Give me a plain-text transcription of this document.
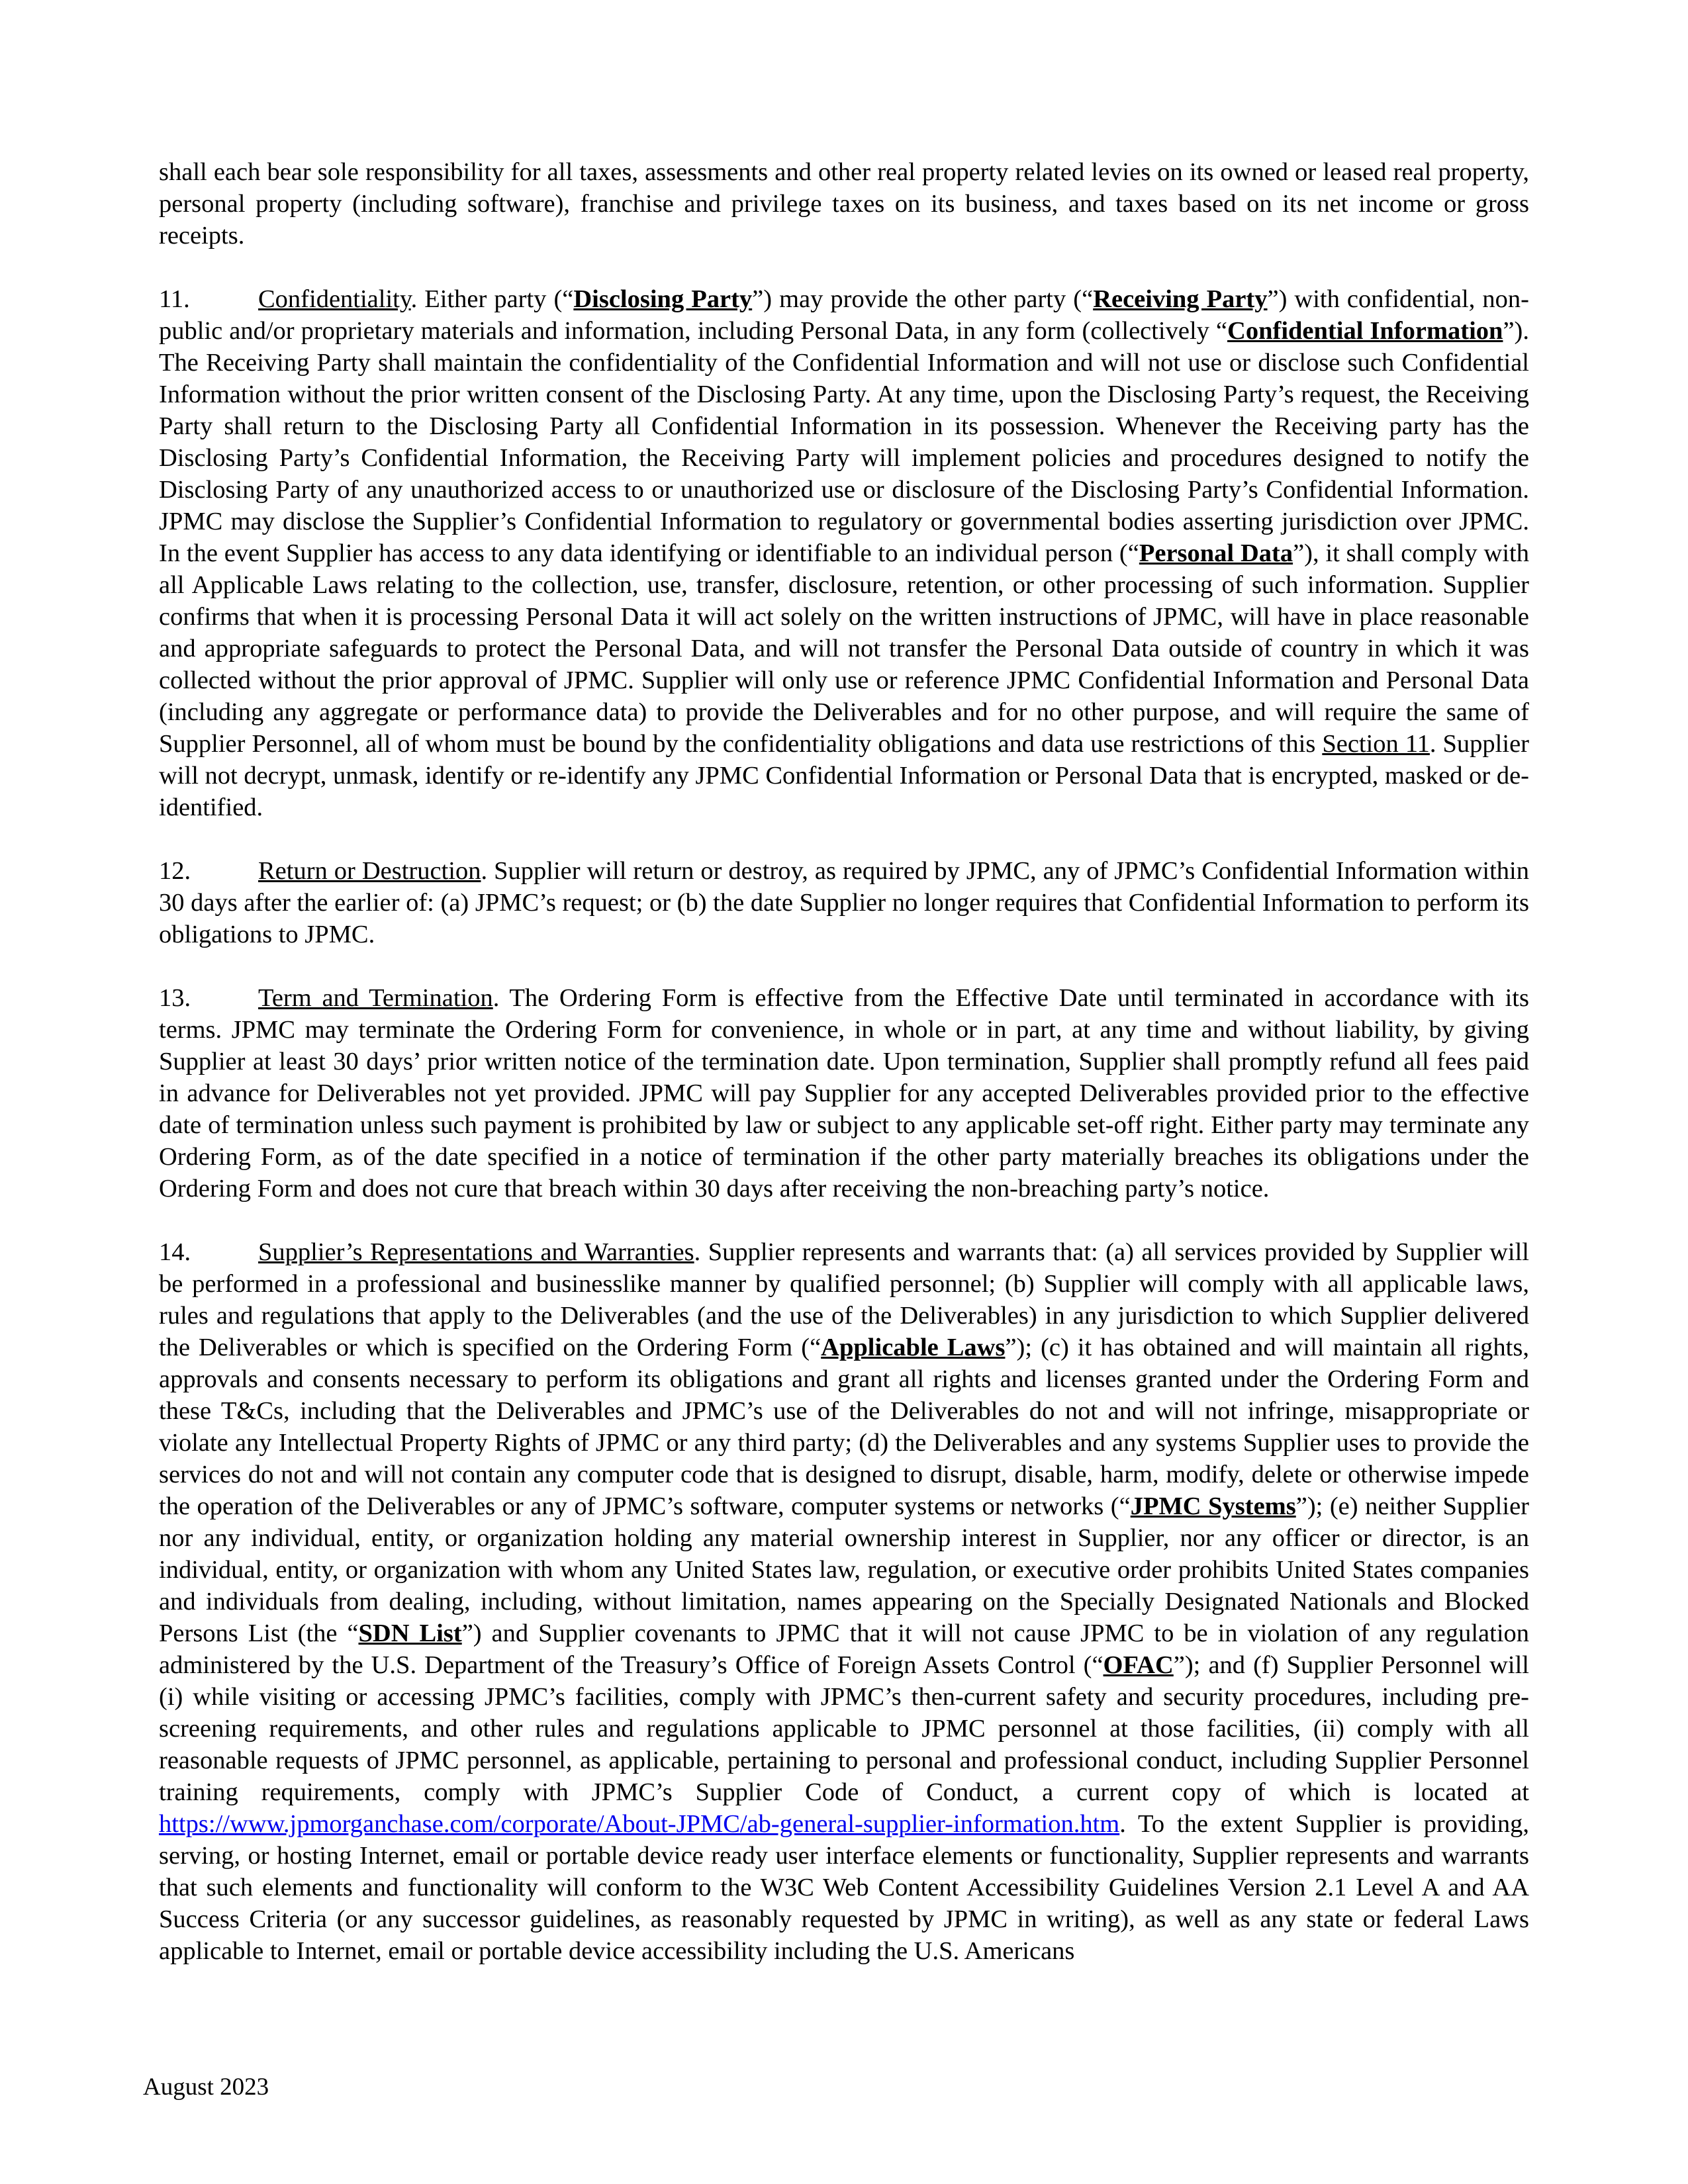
shall each bear sole responsibility for all taxes, assessments and other real property related levies on its owned or leased real property, personal property (including software), franchise and privilege taxes on its business, and taxes based on its net income or gross receipts.

11.	Confidentiality. Either party (“Disclosing Party”) may provide the other party (“Receiving Party”) with confidential, non-public and/or proprietary materials and information, including Personal Data, in any form (collectively “Confidential Information”). The Receiving Party shall maintain the confidentiality of the Confidential Information and will not use or disclose such Confidential Information without the prior written consent of the Disclosing Party. At any time, upon the Disclosing Party’s request, the Receiving Party shall return to the Disclosing Party all Confidential Information in its possession. Whenever the Receiving party has the Disclosing Party’s Confidential Information, the Receiving Party will implement policies and procedures designed to notify the Disclosing Party of any unauthorized access to or unauthorized use or disclosure of the Disclosing Party’s Confidential Information. JPMC may disclose the Supplier’s Confidential Information to regulatory or governmental bodies asserting jurisdiction over JPMC. In the event Supplier has access to any data identifying or identifiable to an individual person (“Personal Data”), it shall comply with all Applicable Laws relating to the collection, use, transfer, disclosure, retention, or other processing of such information. Supplier confirms that when it is processing Personal Data it will act solely on the written instructions of JPMC, will have in place reasonable and appropriate safeguards to protect the Personal Data, and will not transfer the Personal Data outside of country in which it was collected without the prior approval of JPMC. Supplier will only use or reference JPMC Confidential Information and Personal Data (including any aggregate or performance data) to provide the Deliverables and for no other purpose, and will require the same of Supplier Personnel, all of whom must be bound by the confidentiality obligations and data use restrictions of this Section 11. Supplier will not decrypt, unmask, identify or re-identify any JPMC Confidential Information or Personal Data that is encrypted, masked or de-identified.

12.	Return or Destruction. Supplier will return or destroy, as required by JPMC, any of JPMC’s Confidential Information within 30 days after the earlier of: (a) JPMC’s request; or (b) the date Supplier no longer requires that Confidential Information to perform its obligations to JPMC.

13.	Term and Termination. The Ordering Form is effective from the Effective Date until terminated in accordance with its terms. JPMC may terminate the Ordering Form for convenience, in whole or in part, at any time and without liability, by giving Supplier at least 30 days’ prior written notice of the termination date. Upon termination, Supplier shall promptly refund all fees paid in advance for Deliverables not yet provided. JPMC will pay Supplier for any accepted Deliverables provided prior to the effective date of termination unless such payment is prohibited by law or subject to any applicable set-off right. Either party may terminate any Ordering Form, as of the date specified in a notice of termination if the other party materially breaches its obligations under the Ordering Form and does not cure that breach within 30 days after receiving the non-breaching party’s notice.

14.	Supplier’s Representations and Warranties. Supplier represents and warrants that: (a) all services provided by Supplier will be performed in a professional and businesslike manner by qualified personnel; (b) Supplier will comply with all applicable laws, rules and regulations that apply to the Deliverables (and the use of the Deliverables) in any jurisdiction to which Supplier delivered the Deliverables or which is specified on the Ordering Form (“Applicable Laws”); (c) it has obtained and will maintain all rights, approvals and consents necessary to perform its obligations and grant all rights and licenses granted under the Ordering Form and these T&Cs, including that the Deliverables and JPMC’s use of the Deliverables do not and will not infringe, misappropriate or violate any Intellectual Property Rights of JPMC or any third party; (d) the Deliverables and any systems Supplier uses to provide the services do not and will not contain any computer code that is designed to disrupt, disable, harm, modify, delete or otherwise impede the operation of the Deliverables or any of JPMC’s software, computer systems or networks (“JPMC Systems”); (e) neither Supplier nor any individual, entity, or organization holding any material ownership interest in Supplier, nor any officer or director, is an individual, entity, or organization with whom any United States law, regulation, or executive order prohibits United States companies and individuals from dealing, including, without limitation, names appearing on the Specially Designated Nationals and Blocked Persons List (the “SDN List”) and Supplier covenants to JPMC that it will not cause JPMC to be in violation of any regulation administered by the U.S. Department of the Treasury’s Office of Foreign Assets Control (“OFAC”); and (f) Supplier Personnel will (i) while visiting or accessing JPMC’s facilities, comply with JPMC’s then-current safety and security procedures, including pre-screening requirements, and other rules and regulations applicable to JPMC personnel at those facilities, (ii) comply with all reasonable requests of JPMC personnel, as applicable, pertaining to personal and professional conduct, including Supplier Personnel training requirements, comply with JPMC’s Supplier Code of Conduct, a current copy of which is located at https://www.jpmorganchase.com/corporate/About-JPMC/ab-general-supplier-information.htm. To the extent Supplier is providing, serving, or hosting Internet, email or portable device ready user interface elements or functionality, Supplier represents and warrants that such elements and functionality will conform to the W3C Web Content Accessibility Guidelines Version 2.1 Level A and AA Success Criteria (or any successor guidelines, as reasonably requested by JPMC in writing), as well as any state or federal Laws applicable to Internet, email or portable device accessibility including the U.S. Americans

August 2023
